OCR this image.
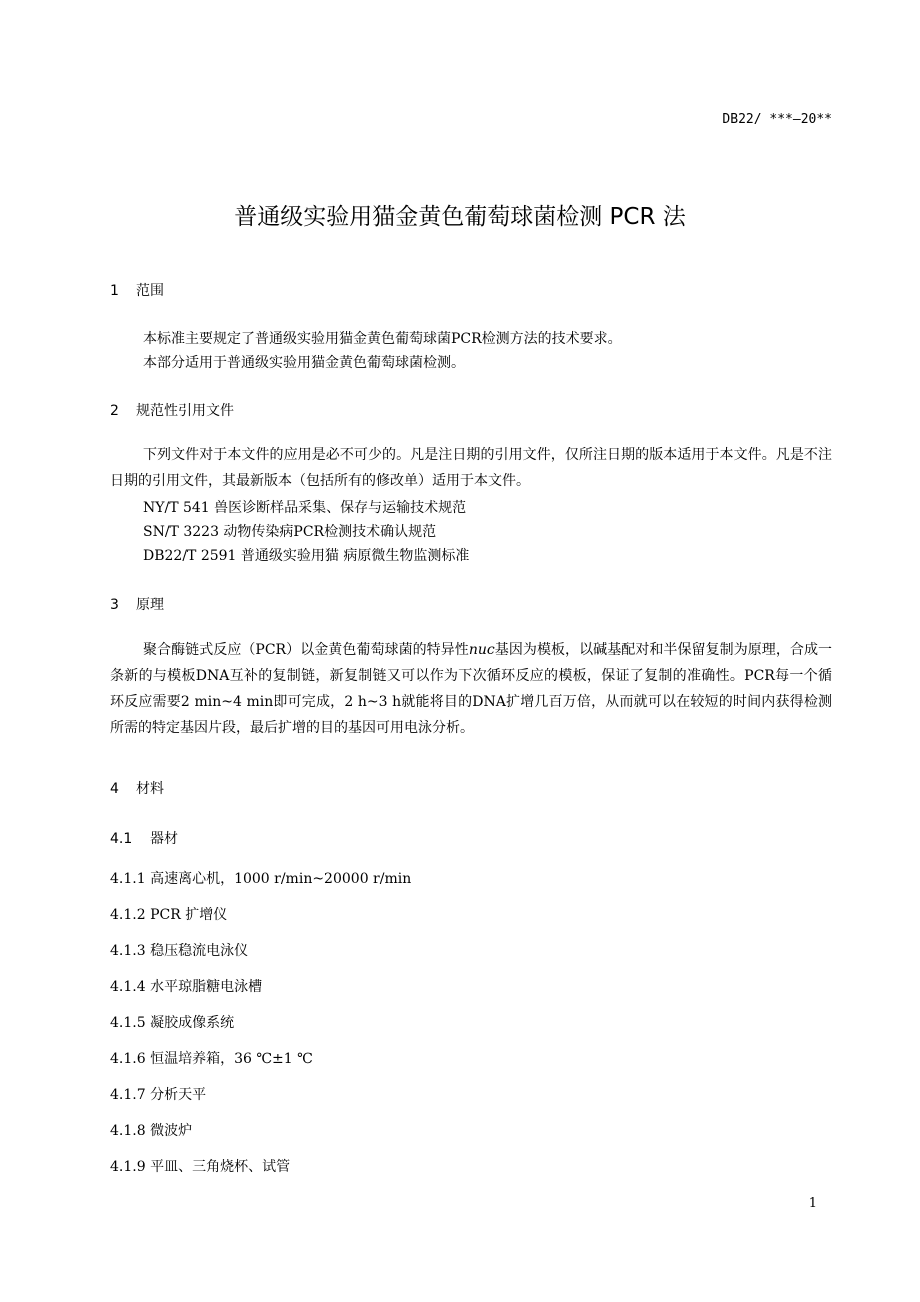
DB22/ ***—20**
普通级实验用猫金黄色葡萄球菌检测 PCR 法
1 范围
本标准主要规定了普通级实验用猫金黄色葡萄球菌PCR检测方法的技术要求。
本部分适用于普通级实验用猫金黄色葡萄球菌检测。
2 规范性引用文件
下列文件对于本文件的应用是必不可少的。凡是注日期的引用文件，仅所注日期的版本适用于本文件。凡是不注日期的引用文件，其最新版本（包括所有的修改单）适用于本文件。
NY/T 541 兽医诊断样品采集、保存与运输技术规范
SN/T 3223 动物传染病PCR检测技术确认规范
DB22/T 2591 普通级实验用猫 病原微生物监测标准
3 原理
聚合酶链式反应（PCR）以金黄色葡萄球菌的特异性nuc基因为模板，以碱基配对和半保留复制为原理，合成一条新的与模板DNA互补的复制链，新复制链又可以作为下次循环反应的模板，保证了复制的准确性。PCR每一个循环反应需要2 min~4 min即可完成，2 h~3 h就能将目的DNA扩增几百万倍，从而就可以在较短的时间内获得检测所需的特定基因片段，最后扩增的目的基因可用电泳分析。
4 材料
4.1 器材
4.1.1 高速离心机，1000 r/min~20000 r/min
4.1.2 PCR 扩增仪
4.1.3 稳压稳流电泳仪
4.1.4 水平琼脂糖电泳槽
4.1.5 凝胶成像系统
4.1.6 恒温培养箱，36 ℃±1 ℃
4.1.7 分析天平
4.1.8 微波炉
4.1.9 平皿、三角烧杯、试管
1
